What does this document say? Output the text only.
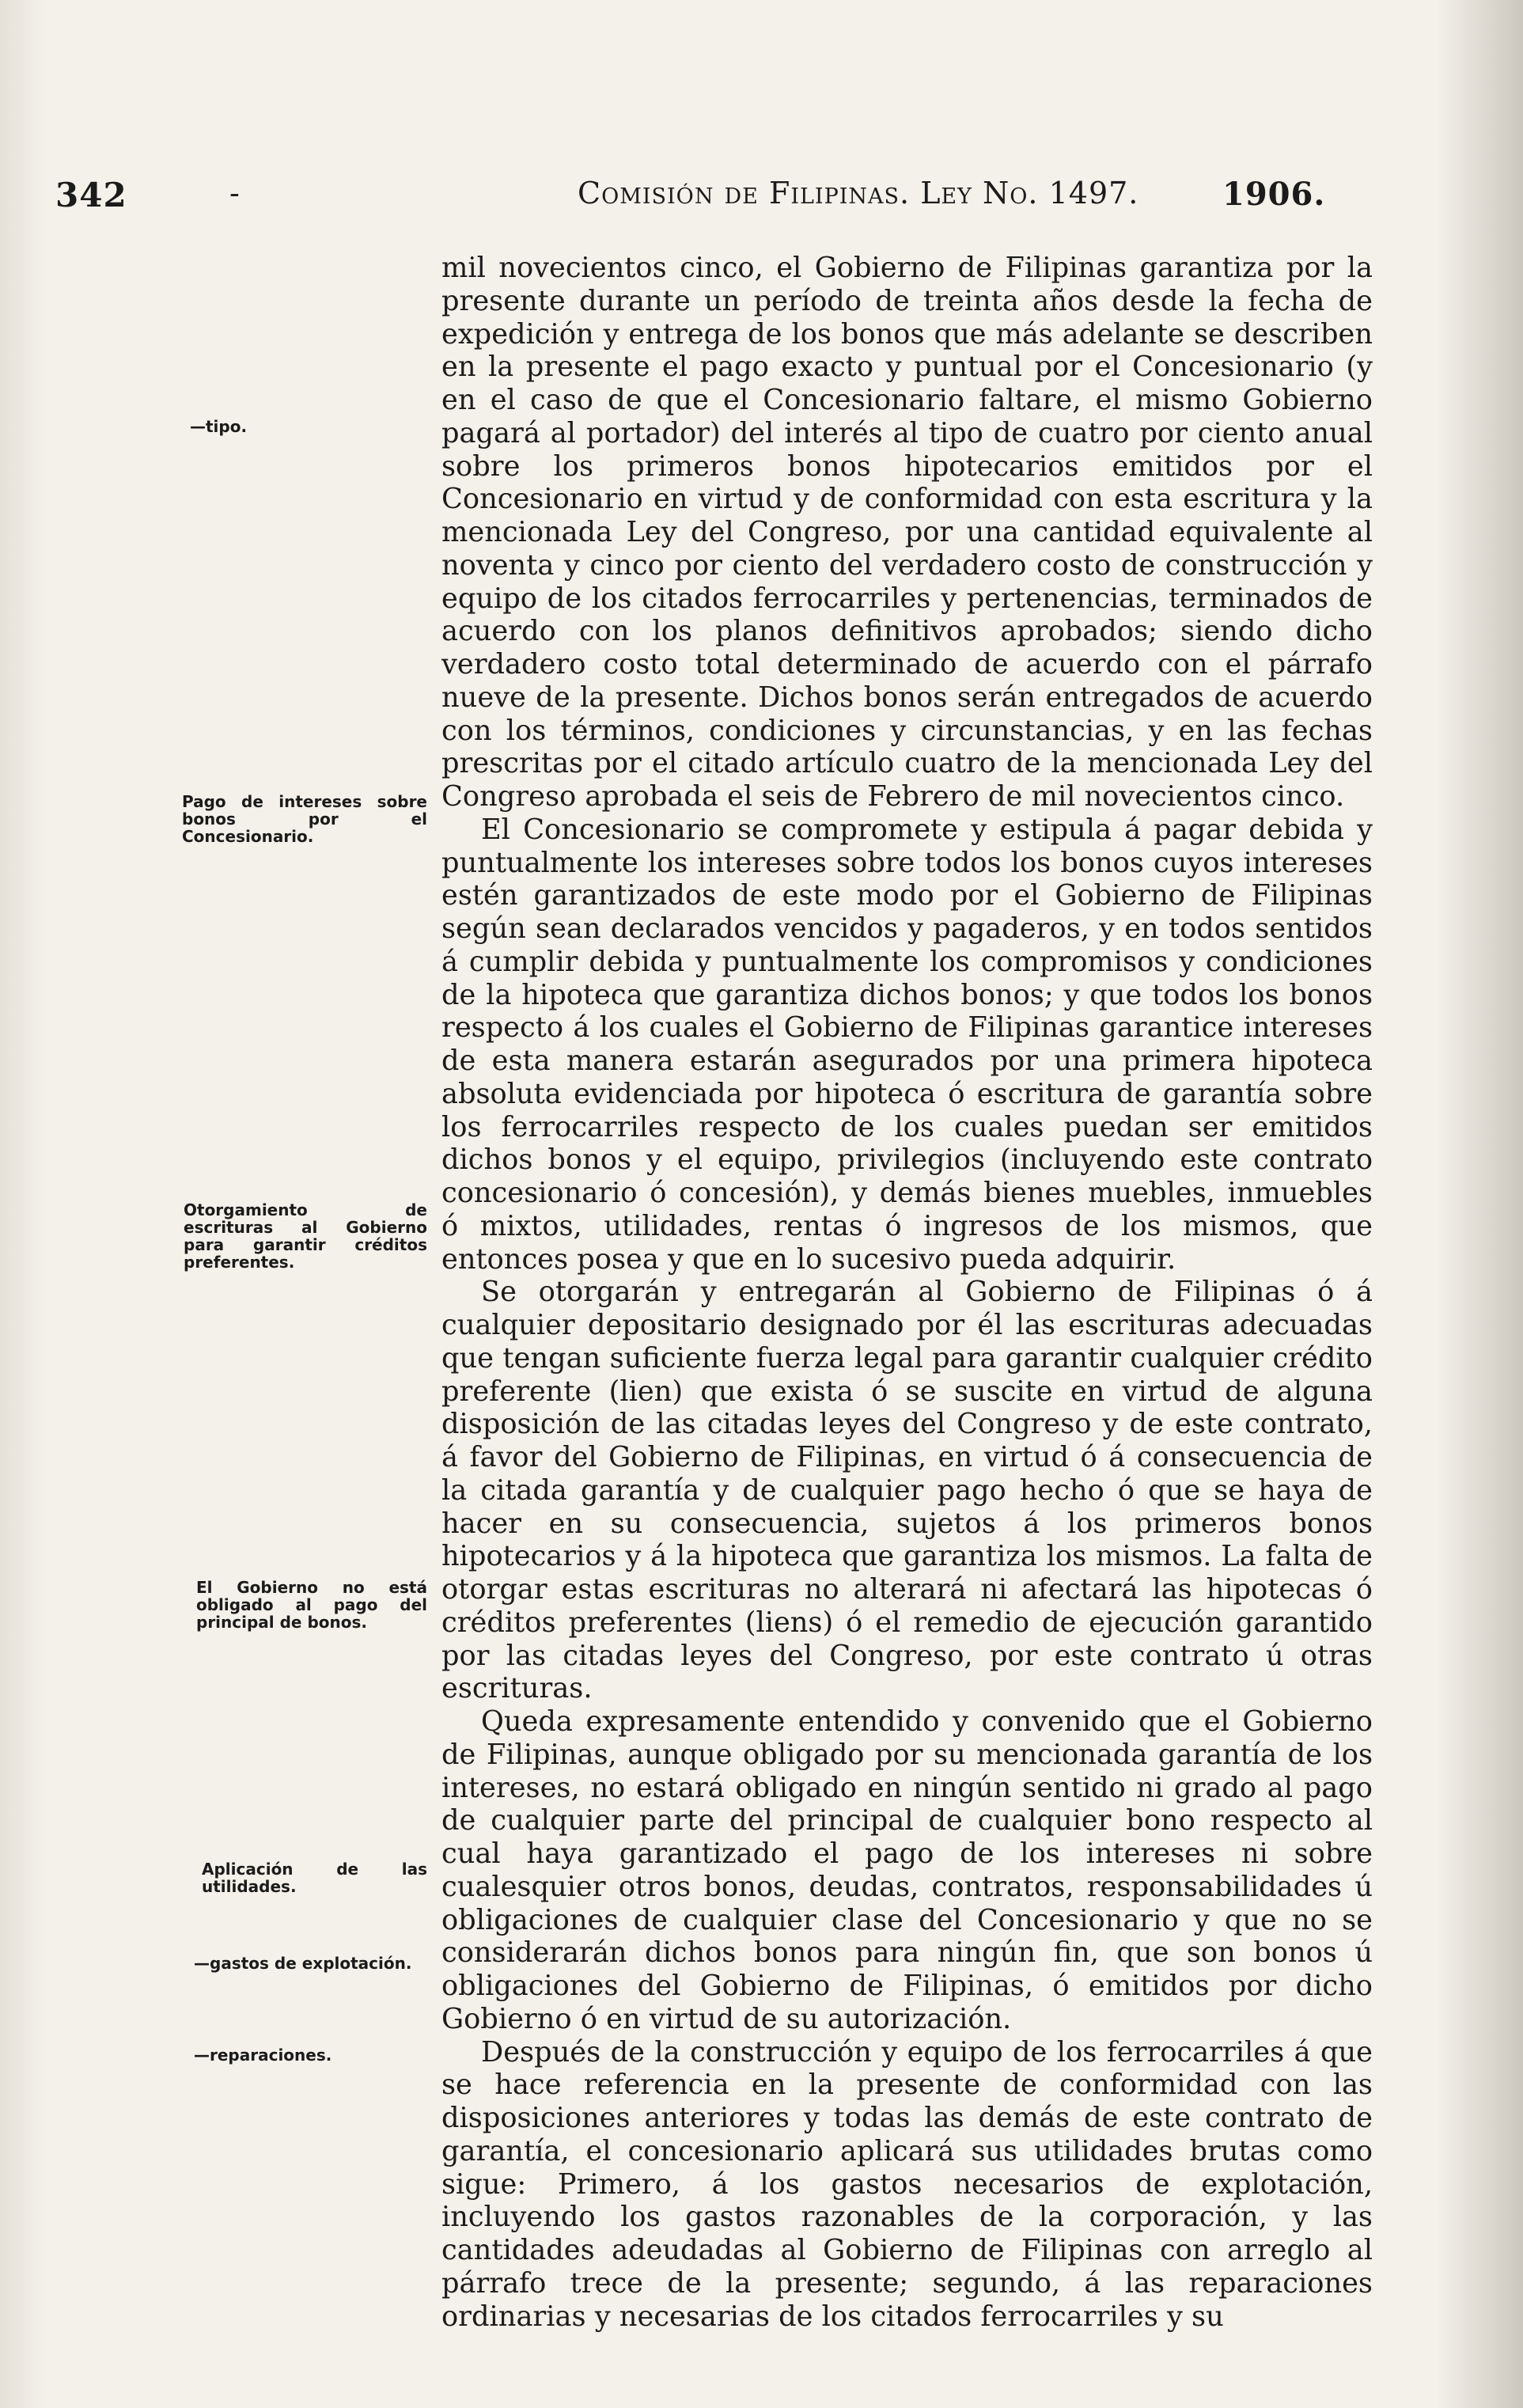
342	-	Comisión de Filipinas. Ley No. 1497.	1906.
—tipo.
Pago de intereses sobre bonos por el Concesionario.
Otorgamiento de escrituras al Gobierno para garantir créditos preferentes.
El Gobierno no está obligado al pago del principal de bonos.
Aplicación de las utilidades.
—gastos de explotación.
—reparaciones.

mil novecientos cinco, el Gobierno de Filipinas garantiza por la presente durante un período de treinta años desde la fecha de expedición y entrega de los bonos que más adelante se describen en la presente el pago exacto y puntual por el Concesionario (y en el caso de que el Concesionario faltare, el mismo Gobierno pagará al portador) del interés al tipo de cuatro por ciento anual sobre los primeros bonos hipotecarios emitidos por el Concesionario en virtud y de conformidad con esta escritura y la mencionada Ley del Congreso, por una cantidad equivalente al noventa y cinco por ciento del verdadero costo de construcción y equipo de los citados ferrocarriles y pertenencias, terminados de acuerdo con los planos definitivos aprobados; siendo dicho verdadero costo total determinado de acuerdo con el párrafo nueve de la presente. Dichos bonos serán entregados de acuerdo con los términos, condiciones y circunstancias, y en las fechas prescritas por el citado artículo cuatro de la mencionada Ley del Congreso aprobada el seis de Febrero de mil novecientos cinco.

El Concesionario se compromete y estipula á pagar debida y puntualmente los intereses sobre todos los bonos cuyos intereses estén garantizados de este modo por el Gobierno de Filipinas según sean declarados vencidos y pagaderos, y en todos sentidos á cumplir debida y puntualmente los compromisos y condiciones de la hipoteca que garantiza dichos bonos; y que todos los bonos respecto á los cuales el Gobierno de Filipinas garantice intereses de esta manera estarán asegurados por una primera hipoteca absoluta evidenciada por hipoteca ó escritura de garantía sobre los ferrocarriles respecto de los cuales puedan ser emitidos dichos bonos y el equipo, privilegios (incluyendo este contrato concesionario ó concesión), y demás bienes muebles, inmuebles ó mixtos, utilidades, rentas ó ingresos de los mismos, que entonces posea y que en lo sucesivo pueda adquirir.

Se otorgarán y entregarán al Gobierno de Filipinas ó á cualquier depositario designado por él las escrituras adecuadas que tengan suficiente fuerza legal para garantir cualquier crédito preferente (lien) que exista ó se suscite en virtud de alguna disposición de las citadas leyes del Congreso y de este contrato, á favor del Gobierno de Filipinas, en virtud ó á consecuencia de la citada garantía y de cualquier pago hecho ó que se haya de hacer en su consecuencia, sujetos á los primeros bonos hipotecarios y á la hipoteca que garantiza los mismos. La falta de otorgar estas escrituras no alterará ni afectará las hipotecas ó créditos preferentes (liens) ó el remedio de ejecución garantido por las citadas leyes del Congreso, por este contrato ú otras escrituras.

Queda expresamente entendido y convenido que el Gobierno de Filipinas, aunque obligado por su mencionada garantía de los intereses, no estará obligado en ningún sentido ni grado al pago de cualquier parte del principal de cualquier bono respecto al cual haya garantizado el pago de los intereses ni sobre cualesquier otros bonos, deudas, contratos, responsabilidades ú obligaciones de cualquier clase del Concesionario y que no se considerarán dichos bonos para ningún fin, que son bonos ú obligaciones del Gobierno de Filipinas, ó emitidos por dicho Gobierno ó en virtud de su autorización.

Después de la construcción y equipo de los ferrocarriles á que se hace referencia en la presente de conformidad con las disposiciones anteriores y todas las demás de este contrato de garantía, el concesionario aplicará sus utilidades brutas como sigue: Primero, á los gastos necesarios de explotación, incluyendo los gastos razonables de la corporación, y las cantidades adeudadas al Gobierno de Filipinas con arreglo al párrafo trece de la presente; segundo, á las reparaciones ordinarias y necesarias de los citados ferrocarriles y su
